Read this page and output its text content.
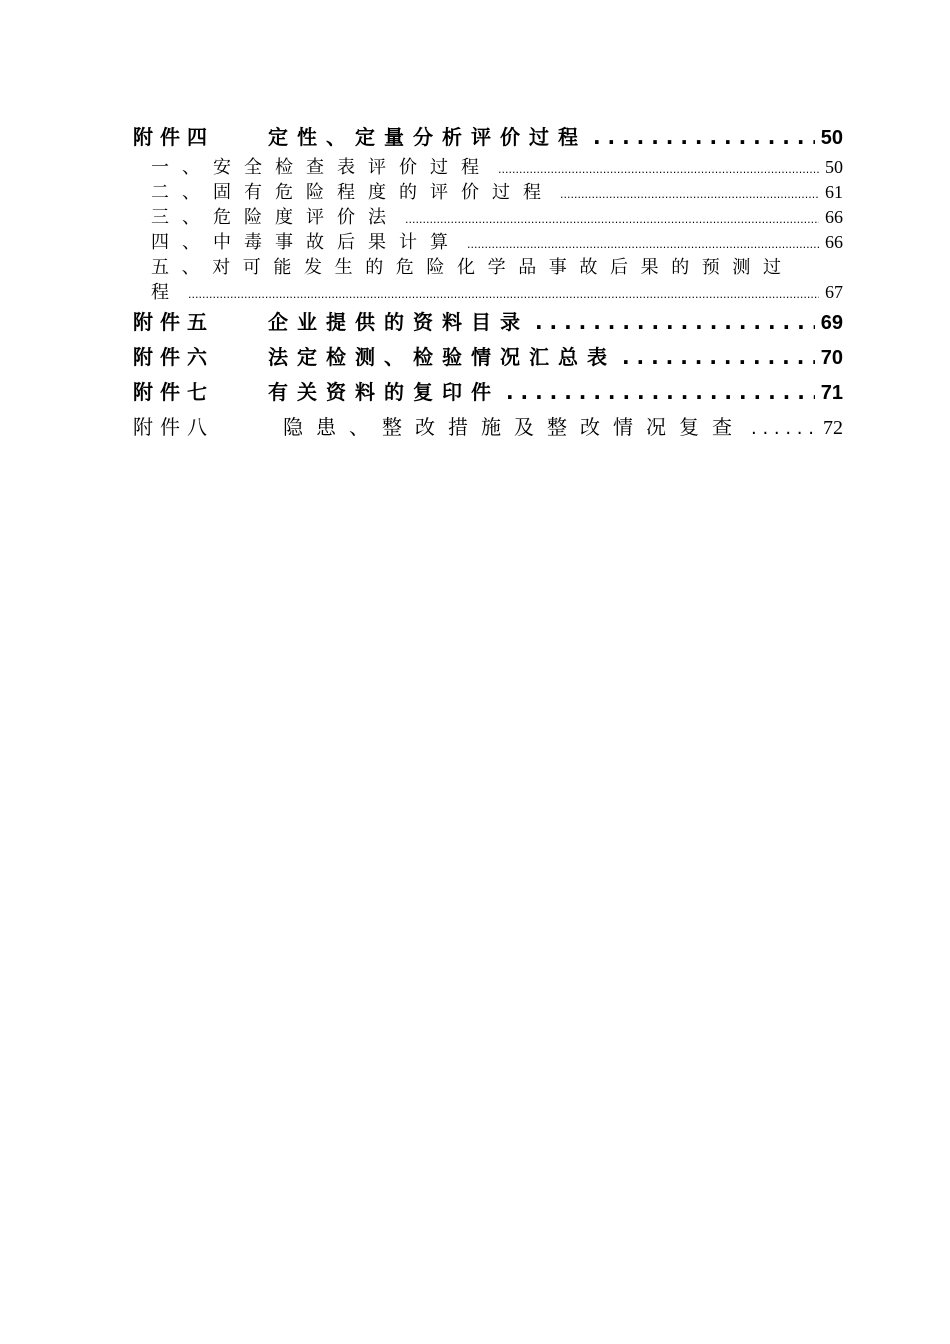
附件四	定性、定量分析评价过程 . . .	50
一、安全检查表评价过程 .....	50
二、固有危险程度的评价过程 .....	61
三、危险度评价法 .....	66
四、中毒事故后果计算 .....	66
五、对可能发生的危险化学品事故后果的预测过
程 .....	67
附件五	企业提供的资料目录 . . .	69
附件六	法定检测、检验情况汇总表 . . .	70
附件七	有关资料的复印件 . . .	71
附件八	隐患、整改措施及整改情况复查 . . .	72
